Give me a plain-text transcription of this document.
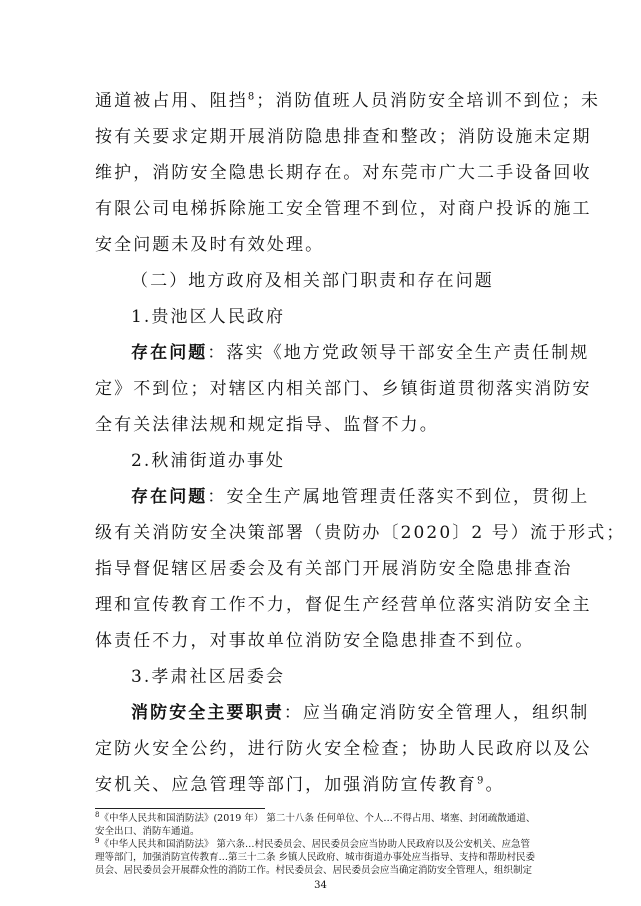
通道被占用、阻挡$^8$；消防值班人员消防安全培训不到位；未
按有关要求定期开展消防隐患排查和整改；消防设施未定期
维护，消防安全隐患长期存在。对东莞市广大二手设备回收
有限公司电梯拆除施工安全管理不到位，对商户投诉的施工
安全问题未及时有效处理。
（二）地方政府及相关部门职责和存在问题
1.贵池区人民政府
存在问题：落实《地方党政领导干部安全生产责任制规
定》不到位；对辖区内相关部门、乡镇街道贯彻落实消防安
全有关法律法规和规定指导、监督不力。
2.秋浦街道办事处
存在问题：安全生产属地管理责任落实不到位，贯彻上
级有关消防安全决策部署（贵防办〔2020〕2 号）流于形式；
指导督促辖区居委会及有关部门开展消防安全隐患排查治
理和宣传教育工作不力，督促生产经营单位落实消防安全主
体责任不力，对事故单位消防安全隐患排查不到位。
3.孝肃社区居委会
消防安全主要职责：应当确定消防安全管理人，组织制
定防火安全公约，进行防火安全检查；协助人民政府以及公
安机关、应急管理等部门，加强消防宣传教育$^9$。
$^8$《中华人民共和国消防法》(2019 年） 第二十八条 任何单位、个人…不得占用、堵塞、封闭疏散通道、
安全出口、消防车通道。
$^9$《中华人民共和国消防法》 第六条…村民委员会、居民委员会应当协助人民政府以及公安机关、应急管
理等部门，加强消防宣传教育…第三十二条 乡镇人民政府、城市街道办事处应当指导、支持和帮助村民委
员会、居民委员会开展群众性的消防工作。村民委员会、居民委员会应当确定消防安全管理人，组织制定
34
